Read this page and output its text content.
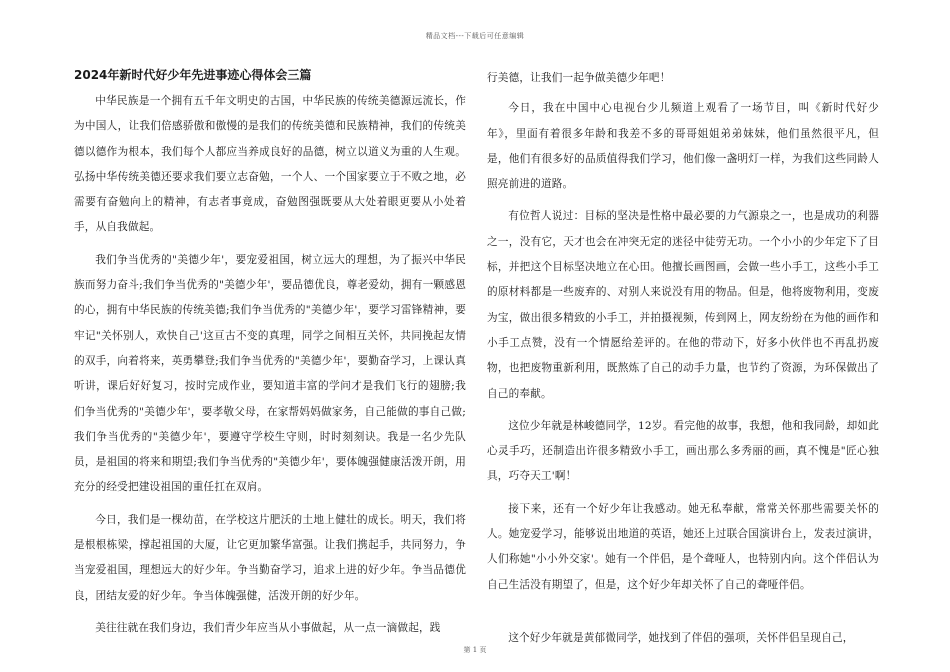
精品文档---下载后可任意编辑
2024年新时代好少年先进事迹心得体会三篇

中华民族是一个拥有五千年文明史的古国，中华民族的传统美德源远流长，作为中国人，让我们倍感骄傲和傲慢的是我们的传统美德和民族精神，我们的传统美德以德作为根本，我们每个人都应当养成良好的品德，树立以道义为重的人生观。弘扬中华传统美德还要求我们要立志奋勉，一个人、一个国家要立于不败之地，必需要有奋勉向上的精神，有志者事竟成，奋勉图强既要从大处着眼更要从小处着手，从自我做起。

我们争当优秀的"美德少年'，要宠爱祖国，树立远大的理想，为了振兴中华民族而努力奋斗;我们争当优秀的"美德少年'，要品德优良，尊老爱幼，拥有一颗感恩的心，拥有中华民族的传统美德;我们争当优秀的"美德少年'，要学习雷锋精神，要牢记"关怀别人，欢快自己'这亘古不变的真理，同学之间相互关怀，共同挽起友情的双手，向着将来，英勇攀登;我们争当优秀的"美德少年'，要勤奋学习，上课认真听讲，课后好好复习，按时完成作业，要知道丰富的学问才是我们飞行的翅膀;我们争当优秀的"美德少年'，要孝敬父母，在家帮妈妈做家务，自己能做的事自己做;我们争当优秀的"美德少年'，要遵守学校生守则，时时刻刻诀。我是一名少先队员，是祖国的将来和期望;我们争当优秀的"美德少年'，要体魄强健康活泼开朗，用充分的经受把建设祖国的重任扛在双肩。

今日，我们是一棵幼苗，在学校这片肥沃的土地上健壮的成长。明天，我们将是根根栋梁，撑起祖国的大厦，让它更加繁华富强。让我们携起手，共同努力，争当宠爱祖国，理想远大的好少年。争当勤奋学习，追求上进的好少年。争当品德优良，团结友爱的好少年。争当体魄强健，活泼开朗的好少年。

美往往就在我们身边，我们青少年应当从小事做起，从一点一滴做起，践

行美德，让我们一起争做美德少年吧！

今日，我在中国中心电视台少儿频道上观看了一场节目，叫《新时代好少年》，里面有着很多年龄和我差不多的哥哥姐姐弟弟妹妹，他们虽然很平凡，但是，他们有很多好的品质值得我们学习，他们像一盏明灯一样，为我们这些同龄人照亮前进的道路。

有位哲人说过：目标的坚决是性格中最必要的力气源泉之一，也是成功的利器之一，没有它，天才也会在冲突无定的迷径中徒劳无功。一个小小的少年定下了目标，并把这个目标坚决地立在心田。他擅长画图画，会做一些小手工，这些小手工的原材料都是一些废弃的、对别人来说没有用的物品。但是，他将废物利用，变废为宝，做出很多精致的小手工，并拍摄视频，传到网上，网友纷纷在为他的画作和小手工点赞，没有一个情愿给差评的。在他的带动下，好多小伙伴也不再乱扔废物，也把废物重新利用，既熬炼了自己的动手力量，也节约了资源，为环保做出了自己的奉献。

这位少年就是林峻德同学，12岁。看完他的故事，我想，他和我同龄，却如此心灵手巧，还制造出许很多精致小手工，画出那么多秀丽的画，真不愧是"匠心独具，巧夺天工'啊！

接下来，还有一个好少年让我感动。她无私奉献，常常关怀那些需要关怀的人。她宠爱学习，能够说出地道的英语，她还上过联合国演讲台上，发表过演讲，人们称她"小小外交家'。她有一个伴侣，是个聋哑人，也特别内向。这个伴侣认为自己生活没有期望了，但是，这个好少年却关怀了自己的聋哑伴侣。

这个好少年就是黄郁微同学，她找到了伴侣的强项，关怀伴侣呈现自己，

第 1 页
